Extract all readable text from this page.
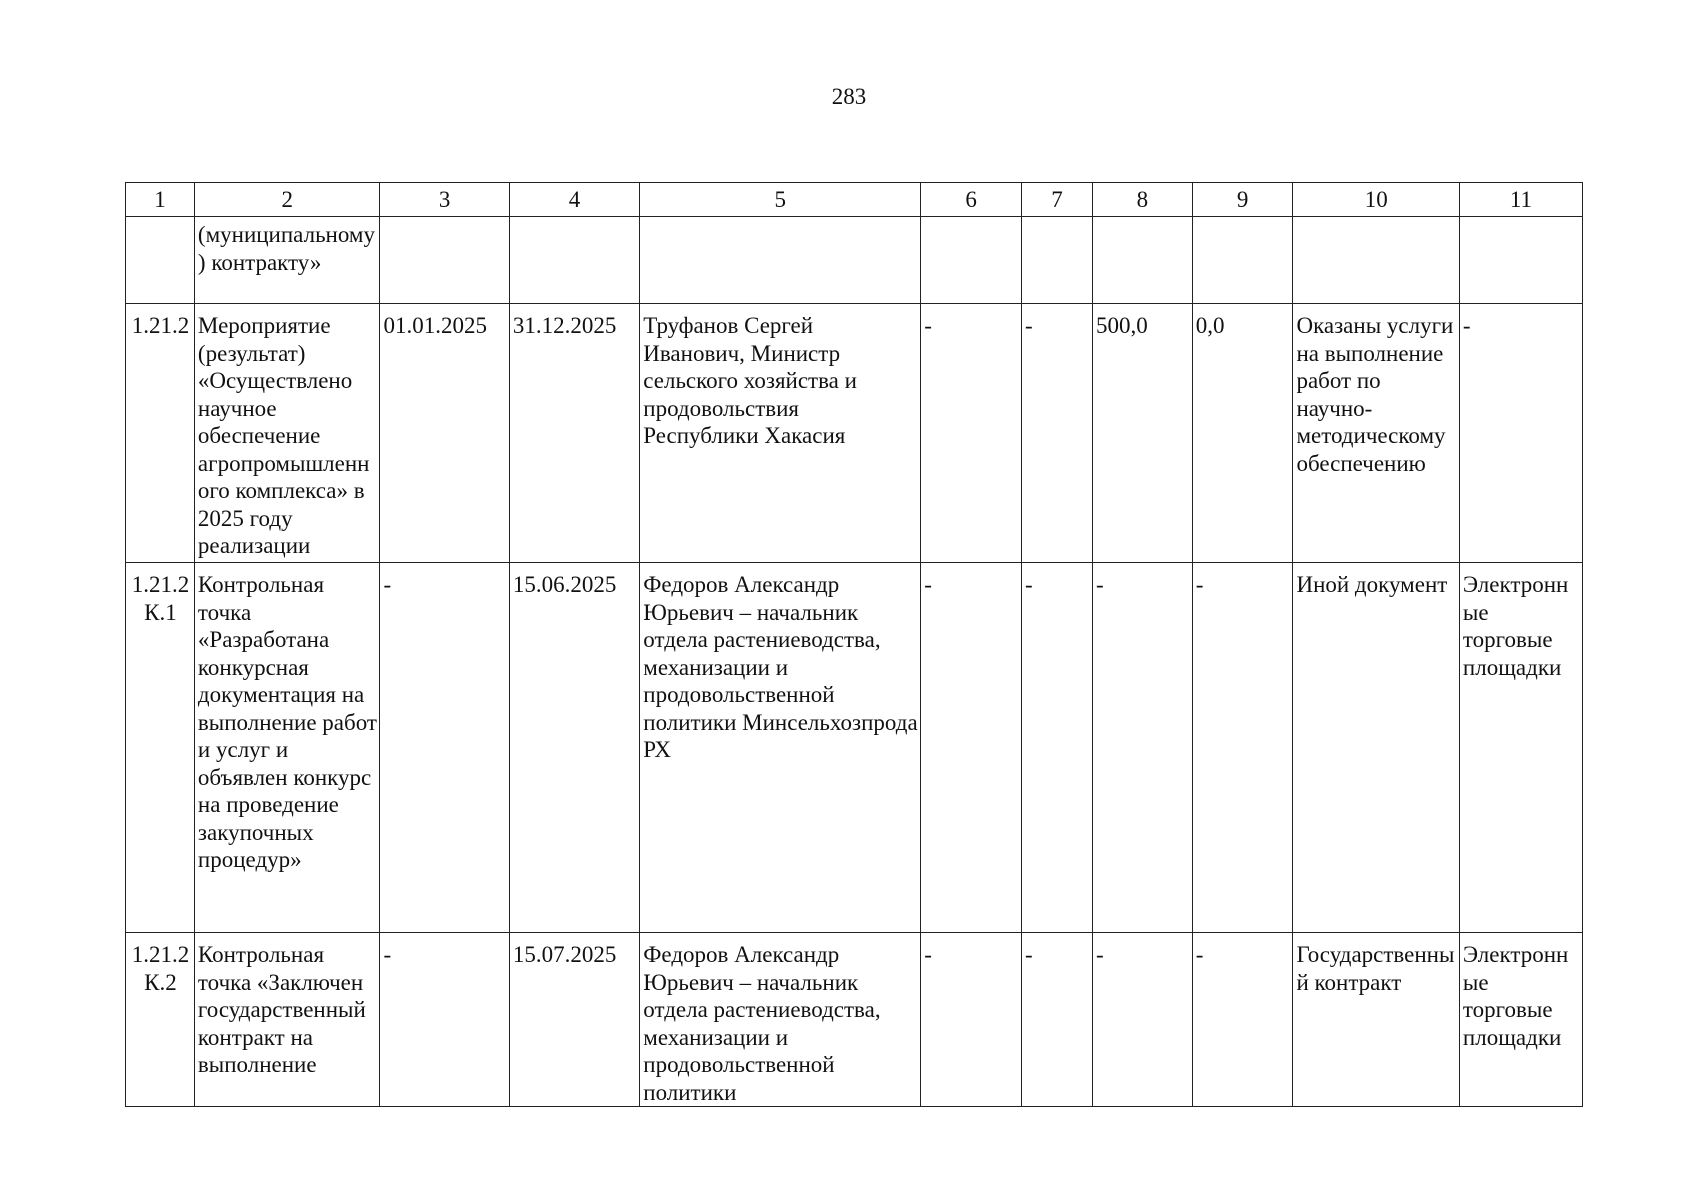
283
1	2	3	4	5	6	7	8	9	10	11
	(муниципальному) контракту»									
1.21.2	Мероприятие (результат) «Осуществлено научное обеспечение агропромышленного комплекса» в 2025 году реализации	01.01.2025	31.12.2025	Труфанов Сергей Иванович, Министр сельского хозяйства и продовольствия Республики Хакасия	-	-	500,0	0,0	Оказаны услуги на выполнение работ по научно-методическому обеспечению	-
1.21.2 К.1	Контрольная точка «Разработана конкурсная документация на выполнение работ и услуг и объявлен конкурс на проведение закупочных процедур»	-	15.06.2025	Федоров Александр Юрьевич – начальник отдела растениеводства, механизации и продовольственной политики Минсельхозпрода РХ	-	-	-	-	Иной документ	Электронные торговые площадки
1.21.2 К.2	Контрольная точка «Заключен государственный контракт на выполнение	-	15.07.2025	Федоров Александр Юрьевич – начальник отдела растениеводства, механизации и продовольственной политики	-	-	-	-	Государственный контракт	Электронные торговые площадки
